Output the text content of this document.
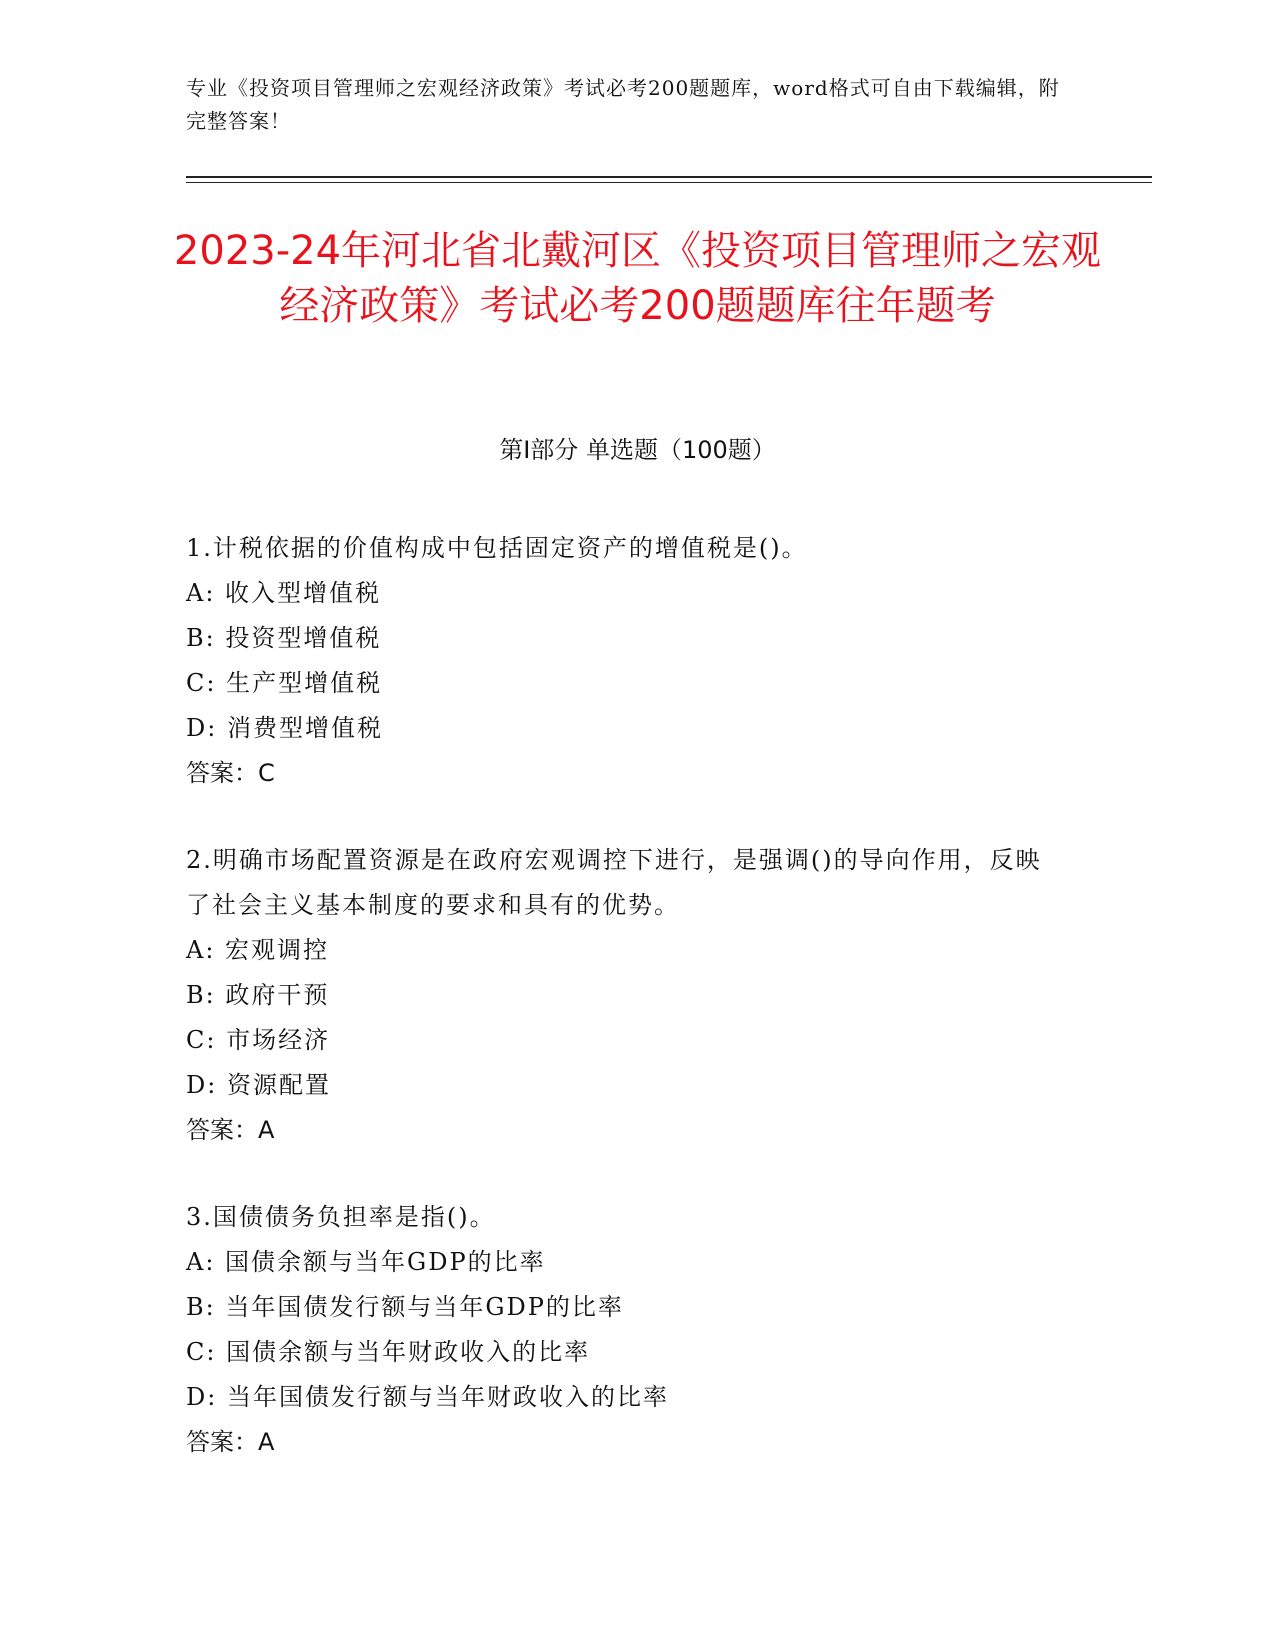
专业《投资项目管理师之宏观经济政策》考试必考200题题库，word格式可自由下载编辑，附完整答案！
2023-24年河北省北戴河区《投资项目管理师之宏观经济政策》考试必考200题题库往年题考
第I部分 单选题（100题）
1.计税依据的价值构成中包括固定资产的增值税是()。
A: 收入型增值税
B: 投资型增值税
C: 生产型增值税
D: 消费型增值税
答案：C
2.明确市场配置资源是在政府宏观调控下进行，是强调()的导向作用，反映了社会主义基本制度的要求和具有的优势。
A: 宏观调控
B: 政府干预
C: 市场经济
D: 资源配置
答案：A
3.国债债务负担率是指()。
A: 国债余额与当年GDP的比率
B: 当年国债发行额与当年GDP的比率
C: 国债余额与当年财政收入的比率
D: 当年国债发行额与当年财政收入的比率
答案：A
